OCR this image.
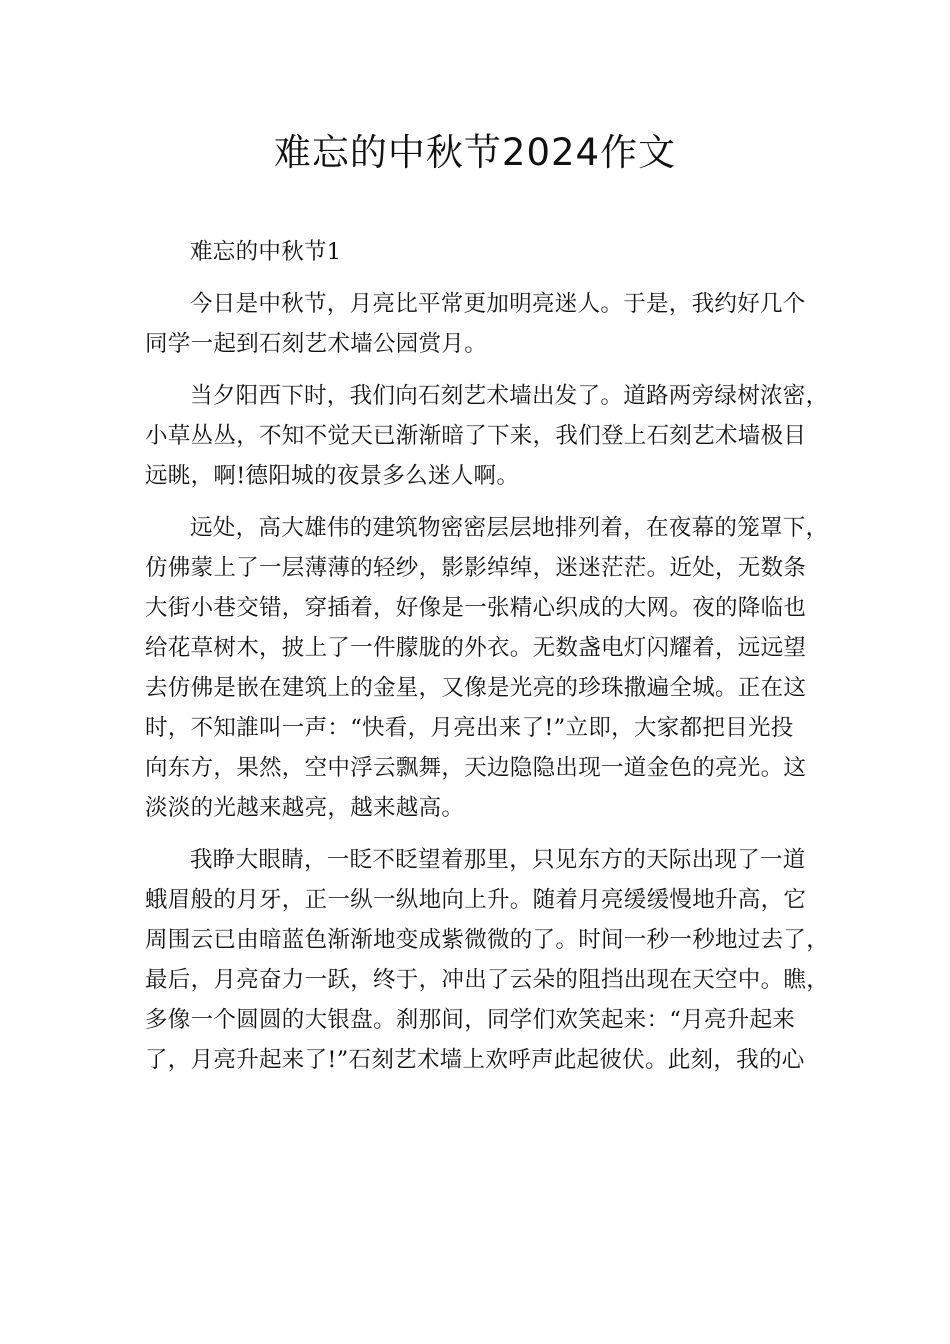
难忘的中秋节2024作文

难忘的中秋节1

今日是中秋节，月亮比平常更加明亮迷人。于是，我约好几个
同学一起到石刻艺术墙公园赏月。

当夕阳西下时，我们向石刻艺术墙出发了。道路两旁绿树浓密，
小草丛丛，不知不觉天已渐渐暗了下来，我们登上石刻艺术墙极目
远眺，啊!德阳城的夜景多么迷人啊。

远处，高大雄伟的建筑物密密层层地排列着，在夜幕的笼罩下，
仿佛蒙上了一层薄薄的轻纱，影影绰绰，迷迷茫茫。近处，无数条
大街小巷交错，穿插着，好像是一张精心织成的大网。夜的降临也
给花草树木，披上了一件朦胧的外衣。无数盏电灯闪耀着，远远望
去仿佛是嵌在建筑上的金星，又像是光亮的珍珠撒遍全城。正在这
时，不知誰叫一声：“快看，月亮出来了!”立即，大家都把目光投
向东方，果然，空中浮云飘舞，天边隐隐出现一道金色的亮光。这
淡淡的光越来越亮，越来越高。

我睁大眼睛，一眨不眨望着那里，只见东方的天际出现了一道
蛾眉般的月牙，正一纵一纵地向上升。随着月亮缓缓慢地升高，它
周围云已由暗蓝色渐渐地变成紫微微的了。时间一秒一秒地过去了，
最后，月亮奋力一跃，终于，冲出了云朵的阻挡出现在天空中。瞧，
多像一个圆圆的大银盘。刹那间，同学们欢笑起来：“月亮升起来
了，月亮升起来了!”石刻艺术墙上欢呼声此起彼伏。此刻，我的心
